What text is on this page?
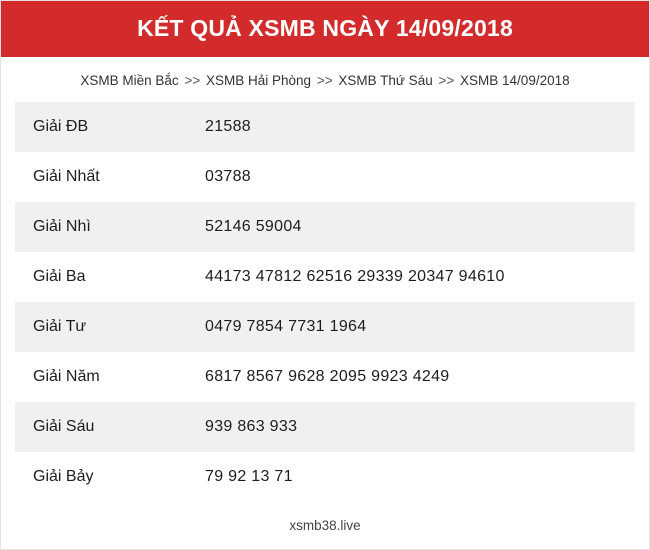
KẾT QUẢ XSMB NGÀY 14/09/2018
XSMB Miền Bắc >> XSMB Hải Phòng >> XSMB Thứ Sáu >> XSMB 14/09/2018
Giải ĐB	21588
Giải Nhất	03788
Giải Nhì	52146 59004
Giải Ba	44173 47812 62516 29339 20347 94610
Giải Tư	0479 7854 7731 1964
Giải Năm	6817 8567 9628 2095 9923 4249
Giải Sáu	939 863 933
Giải Bảy	79 92 13 71
xsmb38.live
